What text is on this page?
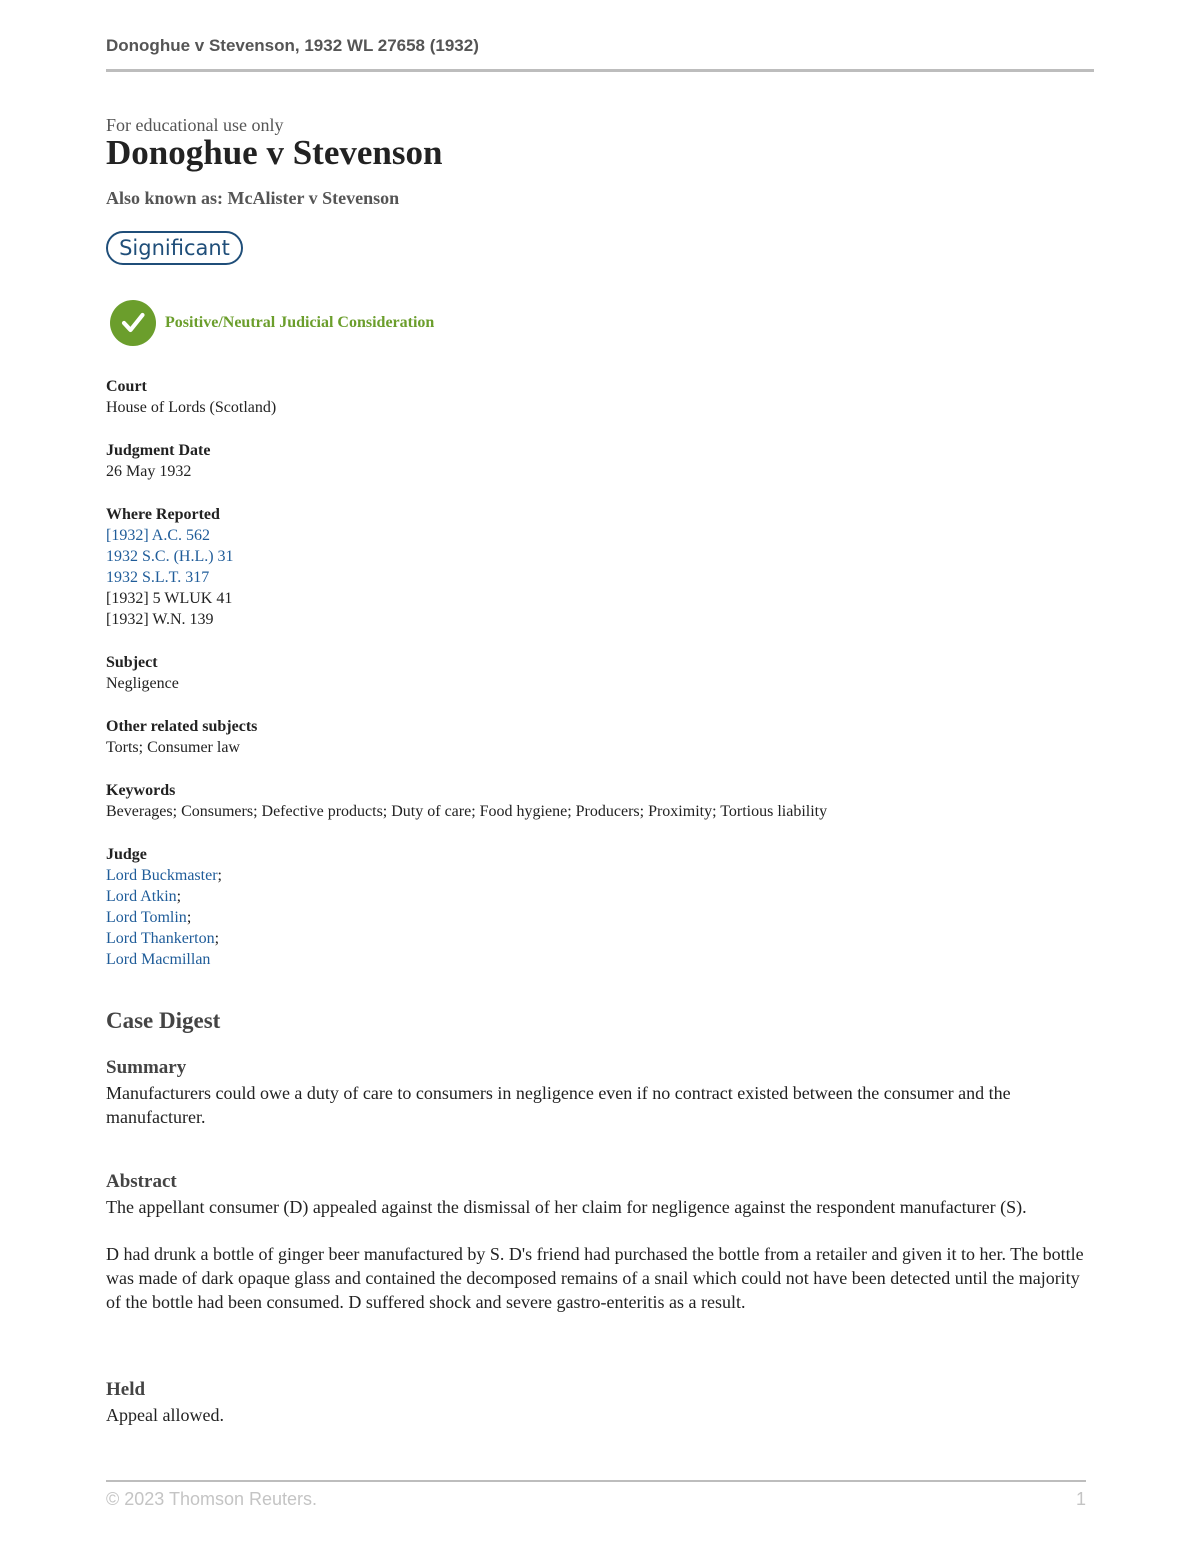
Donoghue v Stevenson, 1932 WL 27658 (1932)
For educational use only
Donoghue v Stevenson
Also known as: McAlister v Stevenson
Significant
Positive/Neutral Judicial Consideration
Court
House of Lords (Scotland)
Judgment Date
26 May 1932
Where Reported
[1932] A.C. 562
1932 S.C. (H.L.) 31
1932 S.L.T. 317
[1932] 5 WLUK 41
[1932] W.N. 139
Subject
Negligence
Other related subjects
Torts; Consumer law
Keywords
Beverages; Consumers; Defective products; Duty of care; Food hygiene; Producers; Proximity; Tortious liability
Judge
Lord Buckmaster;
Lord Atkin;
Lord Tomlin;
Lord Thankerton;
Lord Macmillan
Case Digest
Summary

Manufacturers could owe a duty of care to consumers in negligence even if no contract existed between the consumer and the manufacturer.

Abstract

The appellant consumer (D) appealed against the dismissal of her claim for negligence against the respondent manufacturer (S).

D had drunk a bottle of ginger beer manufactured by S. D's friend had purchased the bottle from a retailer and given it to her. The bottle was made of dark opaque glass and contained the decomposed remains of a snail which could not have been detected until the majority of the bottle had been consumed. D suffered shock and severe gastro-enteritis as a result.

Held

Appeal allowed.

© 2023 Thomson Reuters.	1
